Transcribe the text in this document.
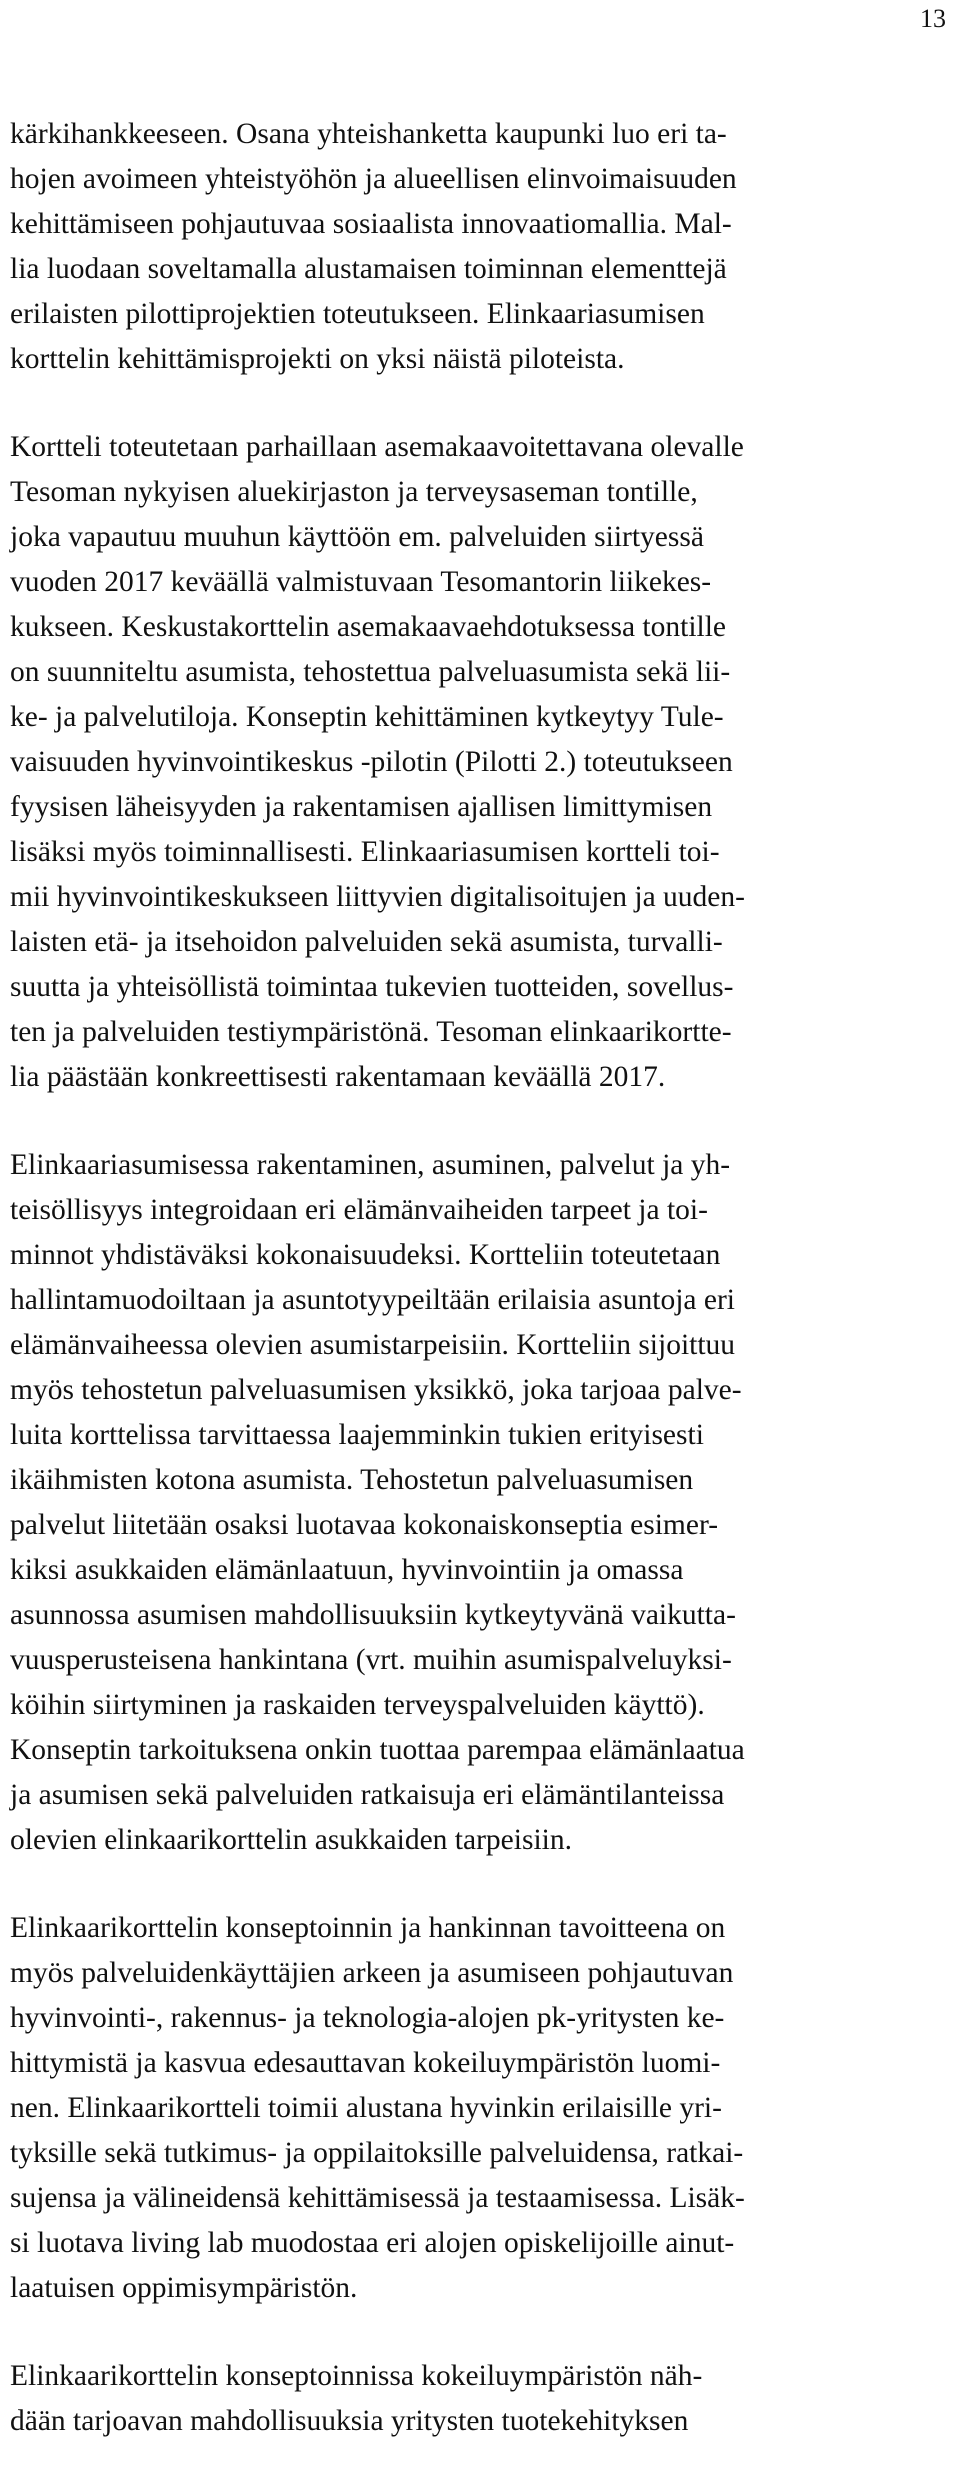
13

kärkihankkeeseen. Osana yhteishanketta kaupunki luo eri ta-
hojen avoimeen yhteistyöhön ja alueellisen elinvoimaisuuden
kehittämiseen pohjautuvaa sosiaalista innovaatiomallia. Mal-
lia luodaan soveltamalla alustamaisen toiminnan elementtejä
erilaisten pilottiprojektien toteutukseen. Elinkaariasumisen
korttelin kehittämisprojekti on yksi näistä piloteista.

Kortteli toteutetaan parhaillaan asemakaavoitettavana olevalle
Tesoman nykyisen aluekirjaston ja terveysaseman tontille,
joka vapautuu muuhun käyttöön em. palveluiden siirtyessä
vuoden 2017 keväällä valmistuvaan Tesomantorin liikekes-
kukseen. Keskustakorttelin asemakaavaehdotuksessa tontille
on suunniteltu asumista, tehostettua palveluasumista sekä lii-
ke- ja palvelutiloja. Konseptin kehittäminen kytkeytyy Tule-
vaisuuden hyvinvointikeskus -pilotin (Pilotti 2.) toteutukseen
fyysisen läheisyyden ja rakentamisen ajallisen limittymisen
lisäksi myös toiminnallisesti. Elinkaariasumisen kortteli toi-
mii hyvinvointikeskukseen liittyvien digitalisoitujen ja uuden-
laisten etä- ja itsehoidon palveluiden sekä asumista, turvalli-
suutta ja yhteisöllistä toimintaa tukevien tuotteiden, sovellus-
ten ja palveluiden testiympäristönä. Tesoman elinkaarikortte-
lia päästään konkreettisesti rakentamaan keväällä 2017.

Elinkaariasumisessa rakentaminen, asuminen, palvelut ja yh-
teisöllisyys integroidaan eri elämänvaiheiden tarpeet ja toi-
minnot yhdistäväksi kokonaisuudeksi. Kortteliin toteutetaan
hallintamuodoiltaan ja asuntotyypeiltään erilaisia asuntoja eri
elämänvaiheessa olevien asumistarpeisiin. Kortteliin sijoittuu
myös tehostetun palveluasumisen yksikkö, joka tarjoaa palve-
luita korttelissa tarvittaessa laajemminkin tukien erityisesti
ikäihmisten kotona asumista. Tehostetun palveluasumisen
palvelut liitetään osaksi luotavaa kokonaiskonseptia esimer-
kiksi asukkaiden elämänlaatuun, hyvinvointiin ja omassa
asunnossa asumisen mahdollisuuksiin kytkeytyvänä vaikutta-
vuusperusteisena hankintana (vrt. muihin asumispalveluyksi-
köihin siirtyminen ja raskaiden terveyspalveluiden käyttö).
Konseptin tarkoituksena onkin tuottaa parempaa elämänlaatua
ja asumisen sekä palveluiden ratkaisuja eri elämäntilanteissa
olevien elinkaarikorttelin asukkaiden tarpeisiin.

Elinkaarikorttelin konseptoinnin ja hankinnan tavoitteena on
myös palveluidenkäyttäjien arkeen ja asumiseen pohjautuvan
hyvinvointi-, rakennus- ja teknologia-alojen pk-yritysten ke-
hittymistä ja kasvua edesauttavan kokeiluympäristön luomi-
nen. Elinkaarikortteli toimii alustana hyvinkin erilaisille yri-
tyksille sekä tutkimus- ja oppilaitoksille palveluidensa, ratkai-
sujensa ja välineidensä kehittämisessä ja testaamisessa. Lisäk-
si luotava living lab muodostaa eri alojen opiskelijoille ainut-
laatuisen oppimisympäristön.

Elinkaarikorttelin konseptoinnissa kokeiluympäristön näh-
dään tarjoavan mahdollisuuksia yritysten tuotekehityksen
